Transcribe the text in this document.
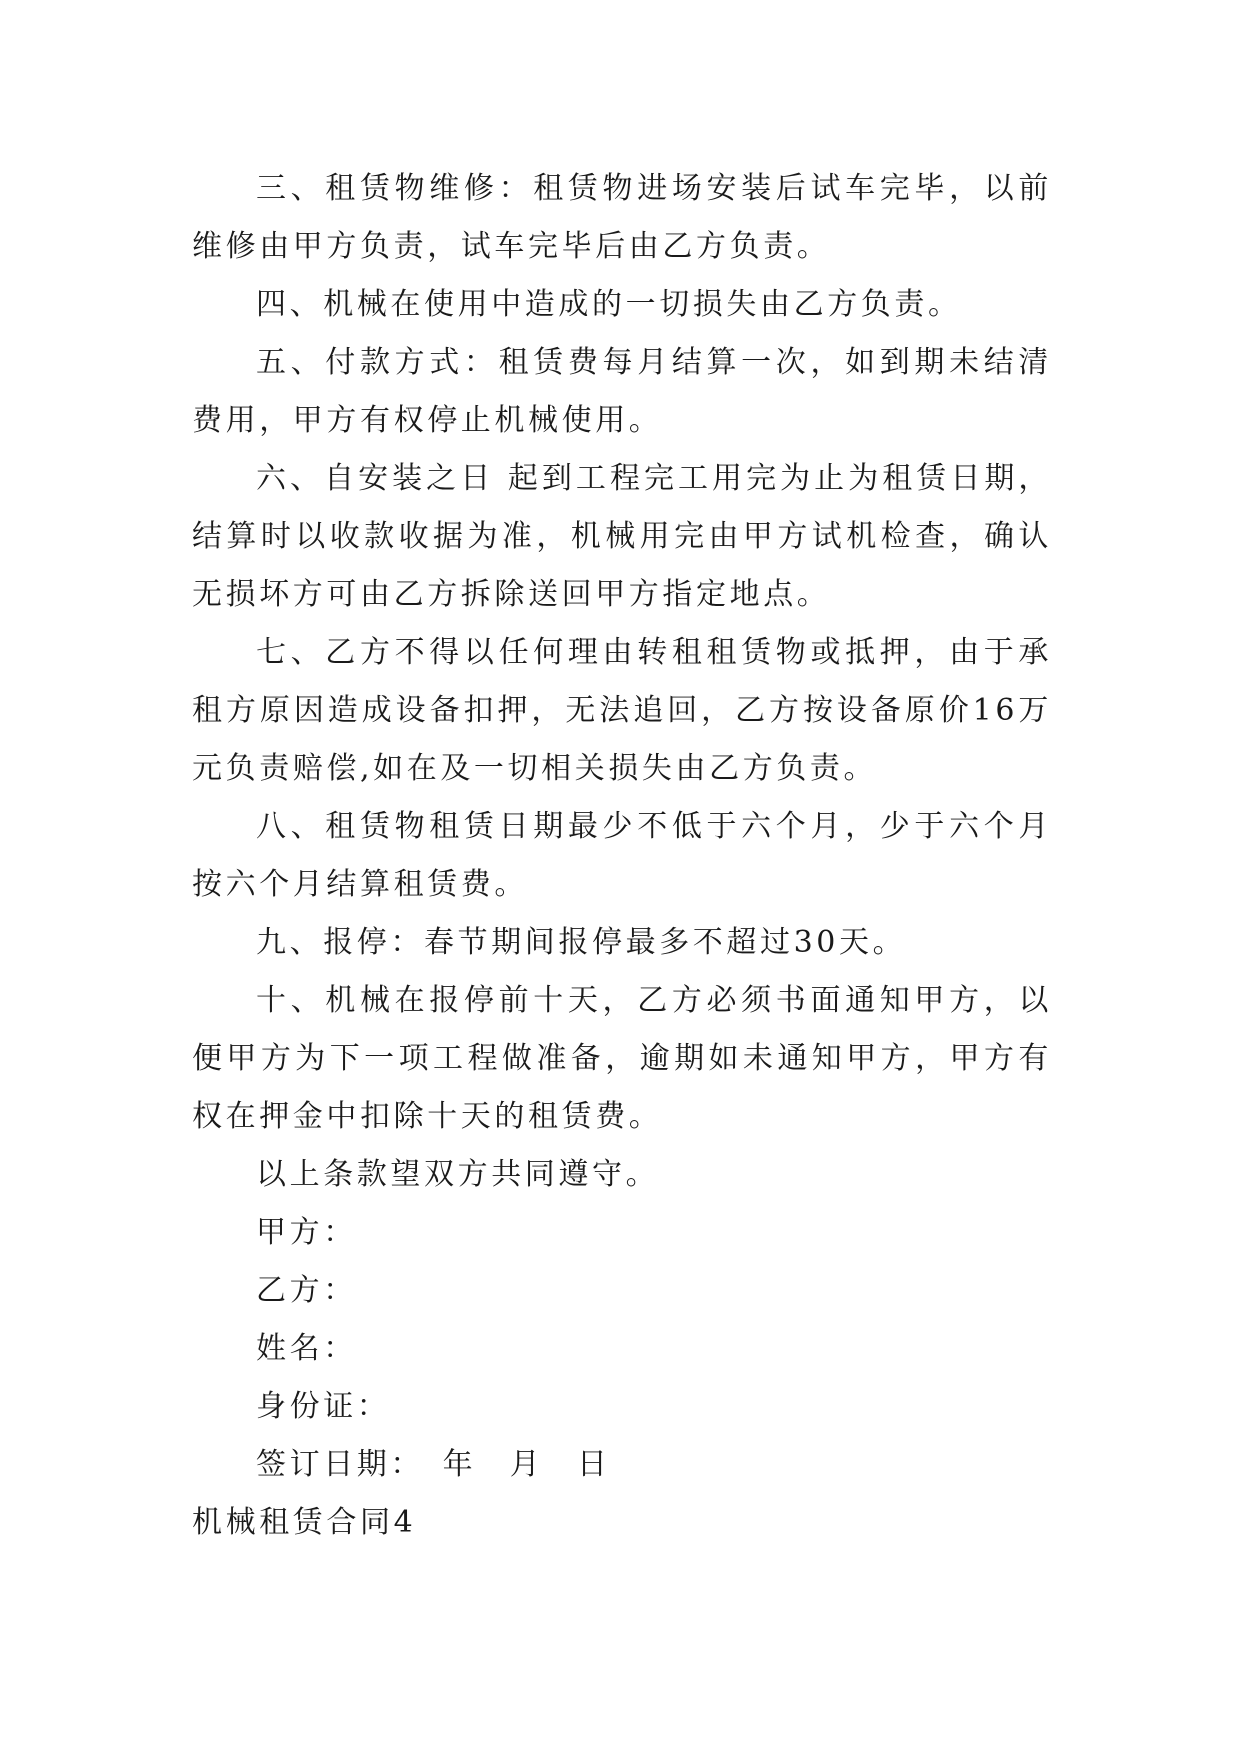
三、租赁物维修：租赁物进场安装后试车完毕，以前维修由甲方负责，试车完毕后由乙方负责。

四、机械在使用中造成的一切损失由乙方负责。

五、付款方式：租赁费每月结算一次，如到期未结清费用，甲方有权停止机械使用。

六、自安装之日 起到工程完工用完为止为租赁日期，结算时以收款收据为准，机械用完由甲方试机检查，确认无损坏方可由乙方拆除送回甲方指定地点。

七、乙方不得以任何理由转租租赁物或抵押，由于承租方原因造成设备扣押，无法追回，乙方按设备原价16万元负责赔偿,如在及一切相关损失由乙方负责。

八、租赁物租赁日期最少不低于六个月，少于六个月按六个月结算租赁费。

九、报停：春节期间报停最多不超过30天。

十、机械在报停前十天，乙方必须书面通知甲方，以便甲方为下一项工程做准备，逾期如未通知甲方，甲方有权在押金中扣除十天的租赁费。

以上条款望双方共同遵守。

甲方：

乙方：

姓名：

身份证：

签订日期：　年　月　日

机械租赁合同4
